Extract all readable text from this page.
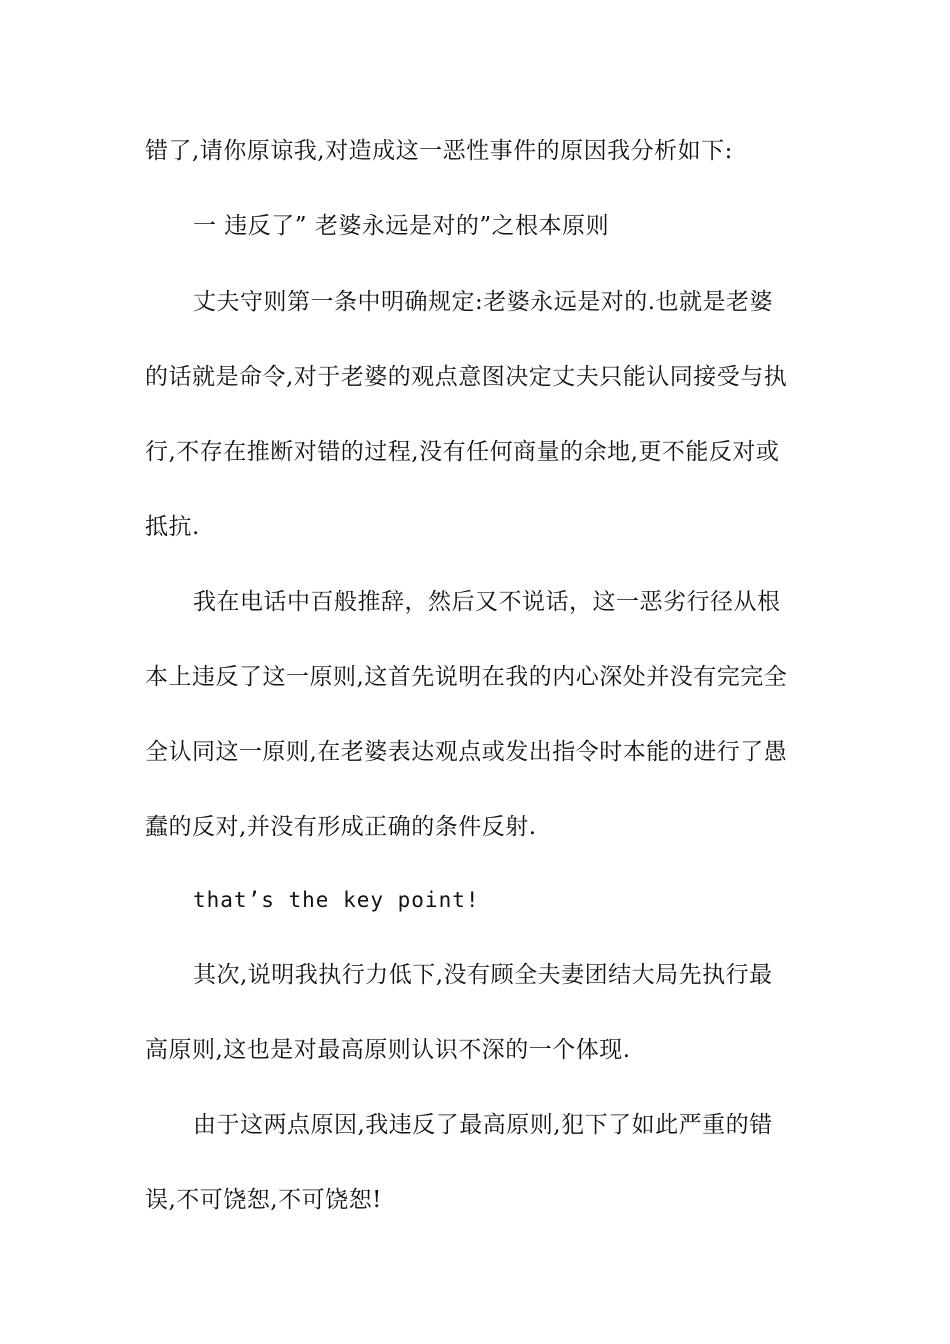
错了,请你原谅我,对造成这一恶性事件的原因我分析如下:
一 违反了” 老婆永远是对的”之根本原则
丈夫守则第一条中明确规定:老婆永远是对的.也就是老婆
的话就是命令,对于老婆的观点意图决定丈夫只能认同接受与执
行,不存在推断对错的过程,没有任何商量的余地,更不能反对或
抵抗.
我在电话中百般推辞，然后又不说话，这一恶劣行径从根
本上违反了这一原则,这首先说明在我的内心深处并没有完完全
全认同这一原则,在老婆表达观点或发出指令时本能的进行了愚
蠢的反对,并没有形成正确的条件反射.
that’s the key point!
其次,说明我执行力低下,没有顾全夫妻团结大局先执行最
高原则,这也是对最高原则认识不深的一个体现.
由于这两点原因,我违反了最高原则,犯下了如此严重的错
误,不可饶恕,不可饶恕!
